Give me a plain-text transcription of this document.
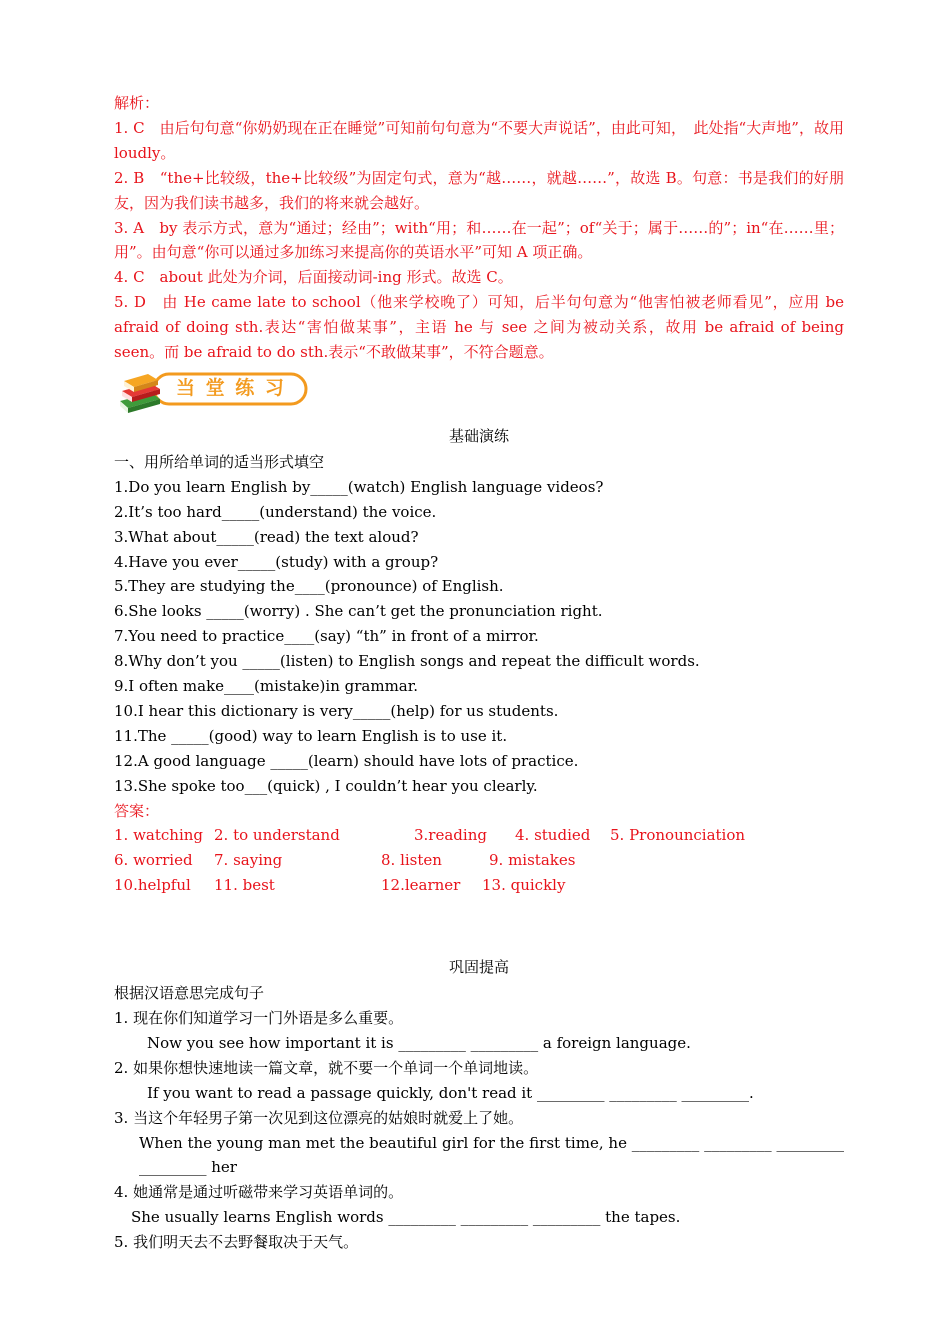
解析：
1. C　由后句句意“你奶奶现在正在睡觉”可知前句句意为“不要大声说话”，由此可知，　此处指“大声地”，故用 loudly。
2. B　“the+比较级，the+比较级”为固定句式，意为“越……，就越……”，故选 B。句意：书是我们的好朋友，因为我们读书越多，我们的将来就会越好。
3. A　by 表示方式，意为“通过；经由”；with“用；和……在一起”；of“关于；属于……的”；in“在……里；用”。由句意“你可以通过多加练习来提高你的英语水平”可知 A 项正确。
4. C　about 此处为介词，后面接动词-ing 形式。故选 C。
5. D　由 He came late to school（他来学校晚了）可知，后半句句意为“他害怕被老师看见”，应用 be afraid of doing sth.表达“害怕做某事”，主语 he 与 see 之间为被动关系，故用 be afraid of being seen。而 be afraid to do sth.表示“不敢做某事”，不符合题意。
当 堂 练 习
基础演练
一、用所给单词的适当形式填空
1.Do you learn English by_____(watch) English language videos?
2.It’s too hard_____(understand) the voice.
3.What about_____(read) the text aloud?
4.Have you ever_____(study) with a group?
5.They are studying the____(pronounce) of English.
6.She looks _____(worry) . She can’t get the pronunciation right.
7.You need to practice____(say) “th” in front of a mirror.
8.Why don’t you _____(listen) to English songs and repeat the difficult words.
9.I often make____(mistake)in grammar.
10.I hear this dictionary is very_____(help) for us students.
11.The _____(good) way to learn English is to use it.
12.A good language _____(learn) should have lots of practice.
13.She spoke too___(quick) , I couldn’t hear you clearly.
答案：
1. watching 2. to understand	3.reading	4. studied	5. Pronounciation
6. worried	7. saying	8. listen	9. mistakes
10.helpful	11. best	12.learner	13. quickly
巩固提高
根据汉语意思完成句子
1. 现在你们知道学习一门外语是多么重要。
Now you see how important it is _________ _________ a foreign language.
2. 如果你想快速地读一篇文章，就不要一个单词一个单词地读。
If you want to read a passage quickly, don't read it _________ _________ _________.
3. 当这个年轻男子第一次见到这位漂亮的姑娘时就爱上了她。
When the young man met the beautiful girl for the first time, he _________ _________ _________ _________ her
4. 她通常是通过听磁带来学习英语单词的。
She usually learns English words _________ _________ _________ the tapes.
5. 我们明天去不去野餐取决于天气。
